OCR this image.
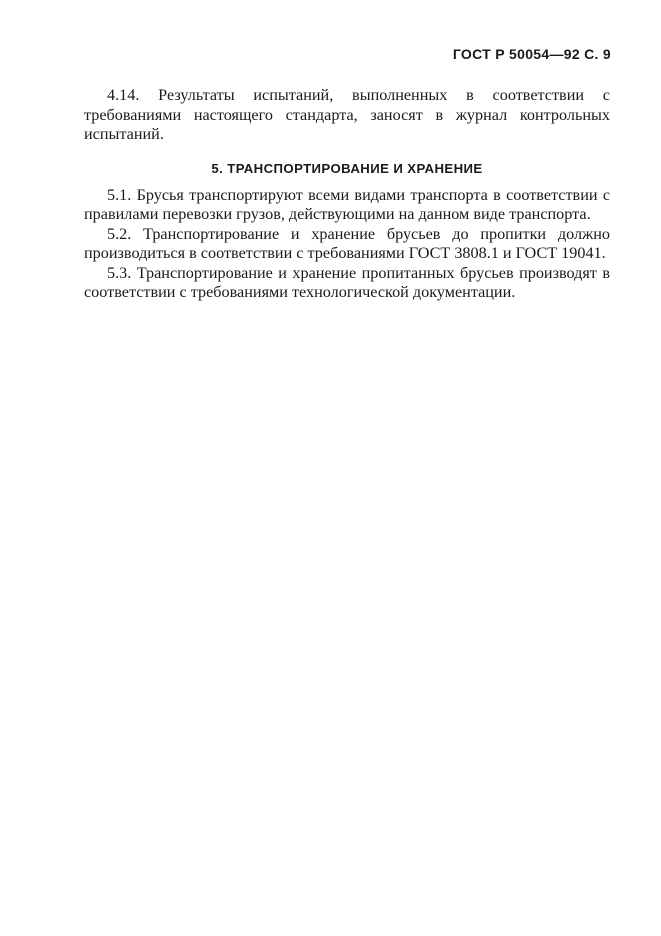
ГОСТ Р 50054—92 С. 9

4.14. Результаты испытаний, выполненных в соответствии с требованиями настоящего стандарта, заносят в журнал контрольных испытаний.

5. ТРАНСПОРТИРОВАНИЕ И ХРАНЕНИЕ

5.1. Брусья транспортируют всеми видами транспорта в соответствии с правилами перевозки грузов, действующими на данном виде транспорта.

5.2. Транспортирование и хранение брусьев до пропитки должно производиться в соответствии с требованиями ГОСТ 3808.1 и ГОСТ 19041.

5.3. Транспортирование и хранение пропитанных брусьев производят в соответствии с требованиями технологической документации.
